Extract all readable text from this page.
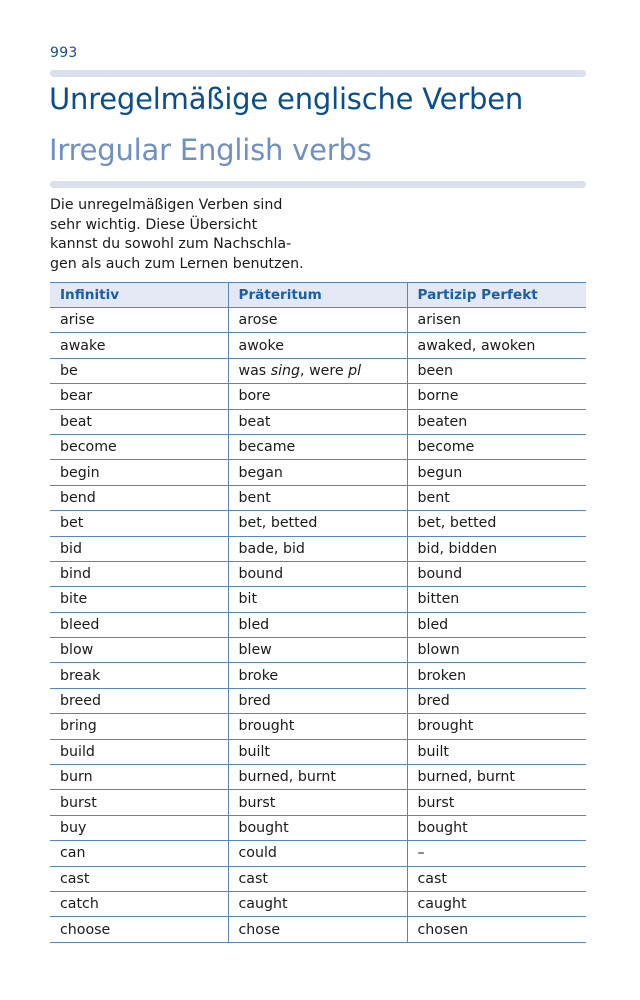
993
Unregelmäßige englische Verben
Irregular English verbs
Die unregelmäßigen Verben sind
sehr wichtig. Diese Übersicht
kannst du sowohl zum Nachschla-
gen als auch zum Lernen benutzen.
Infinitiv	Präteritum	Partizip Perfekt
arise	arose	arisen
awake	awoke	awaked, awoken
be	was sing, were pl	been
bear	bore	borne
beat	beat	beaten
become	became	become
begin	began	begun
bend	bent	bent
bet	bet, betted	bet, betted
bid	bade, bid	bid, bidden
bind	bound	bound
bite	bit	bitten
bleed	bled	bled
blow	blew	blown
break	broke	broken
breed	bred	bred
bring	brought	brought
build	built	built
burn	burned, burnt	burned, burnt
burst	burst	burst
buy	bought	bought
can	could	–
cast	cast	cast
catch	caught	caught
choose	chose	chosen
